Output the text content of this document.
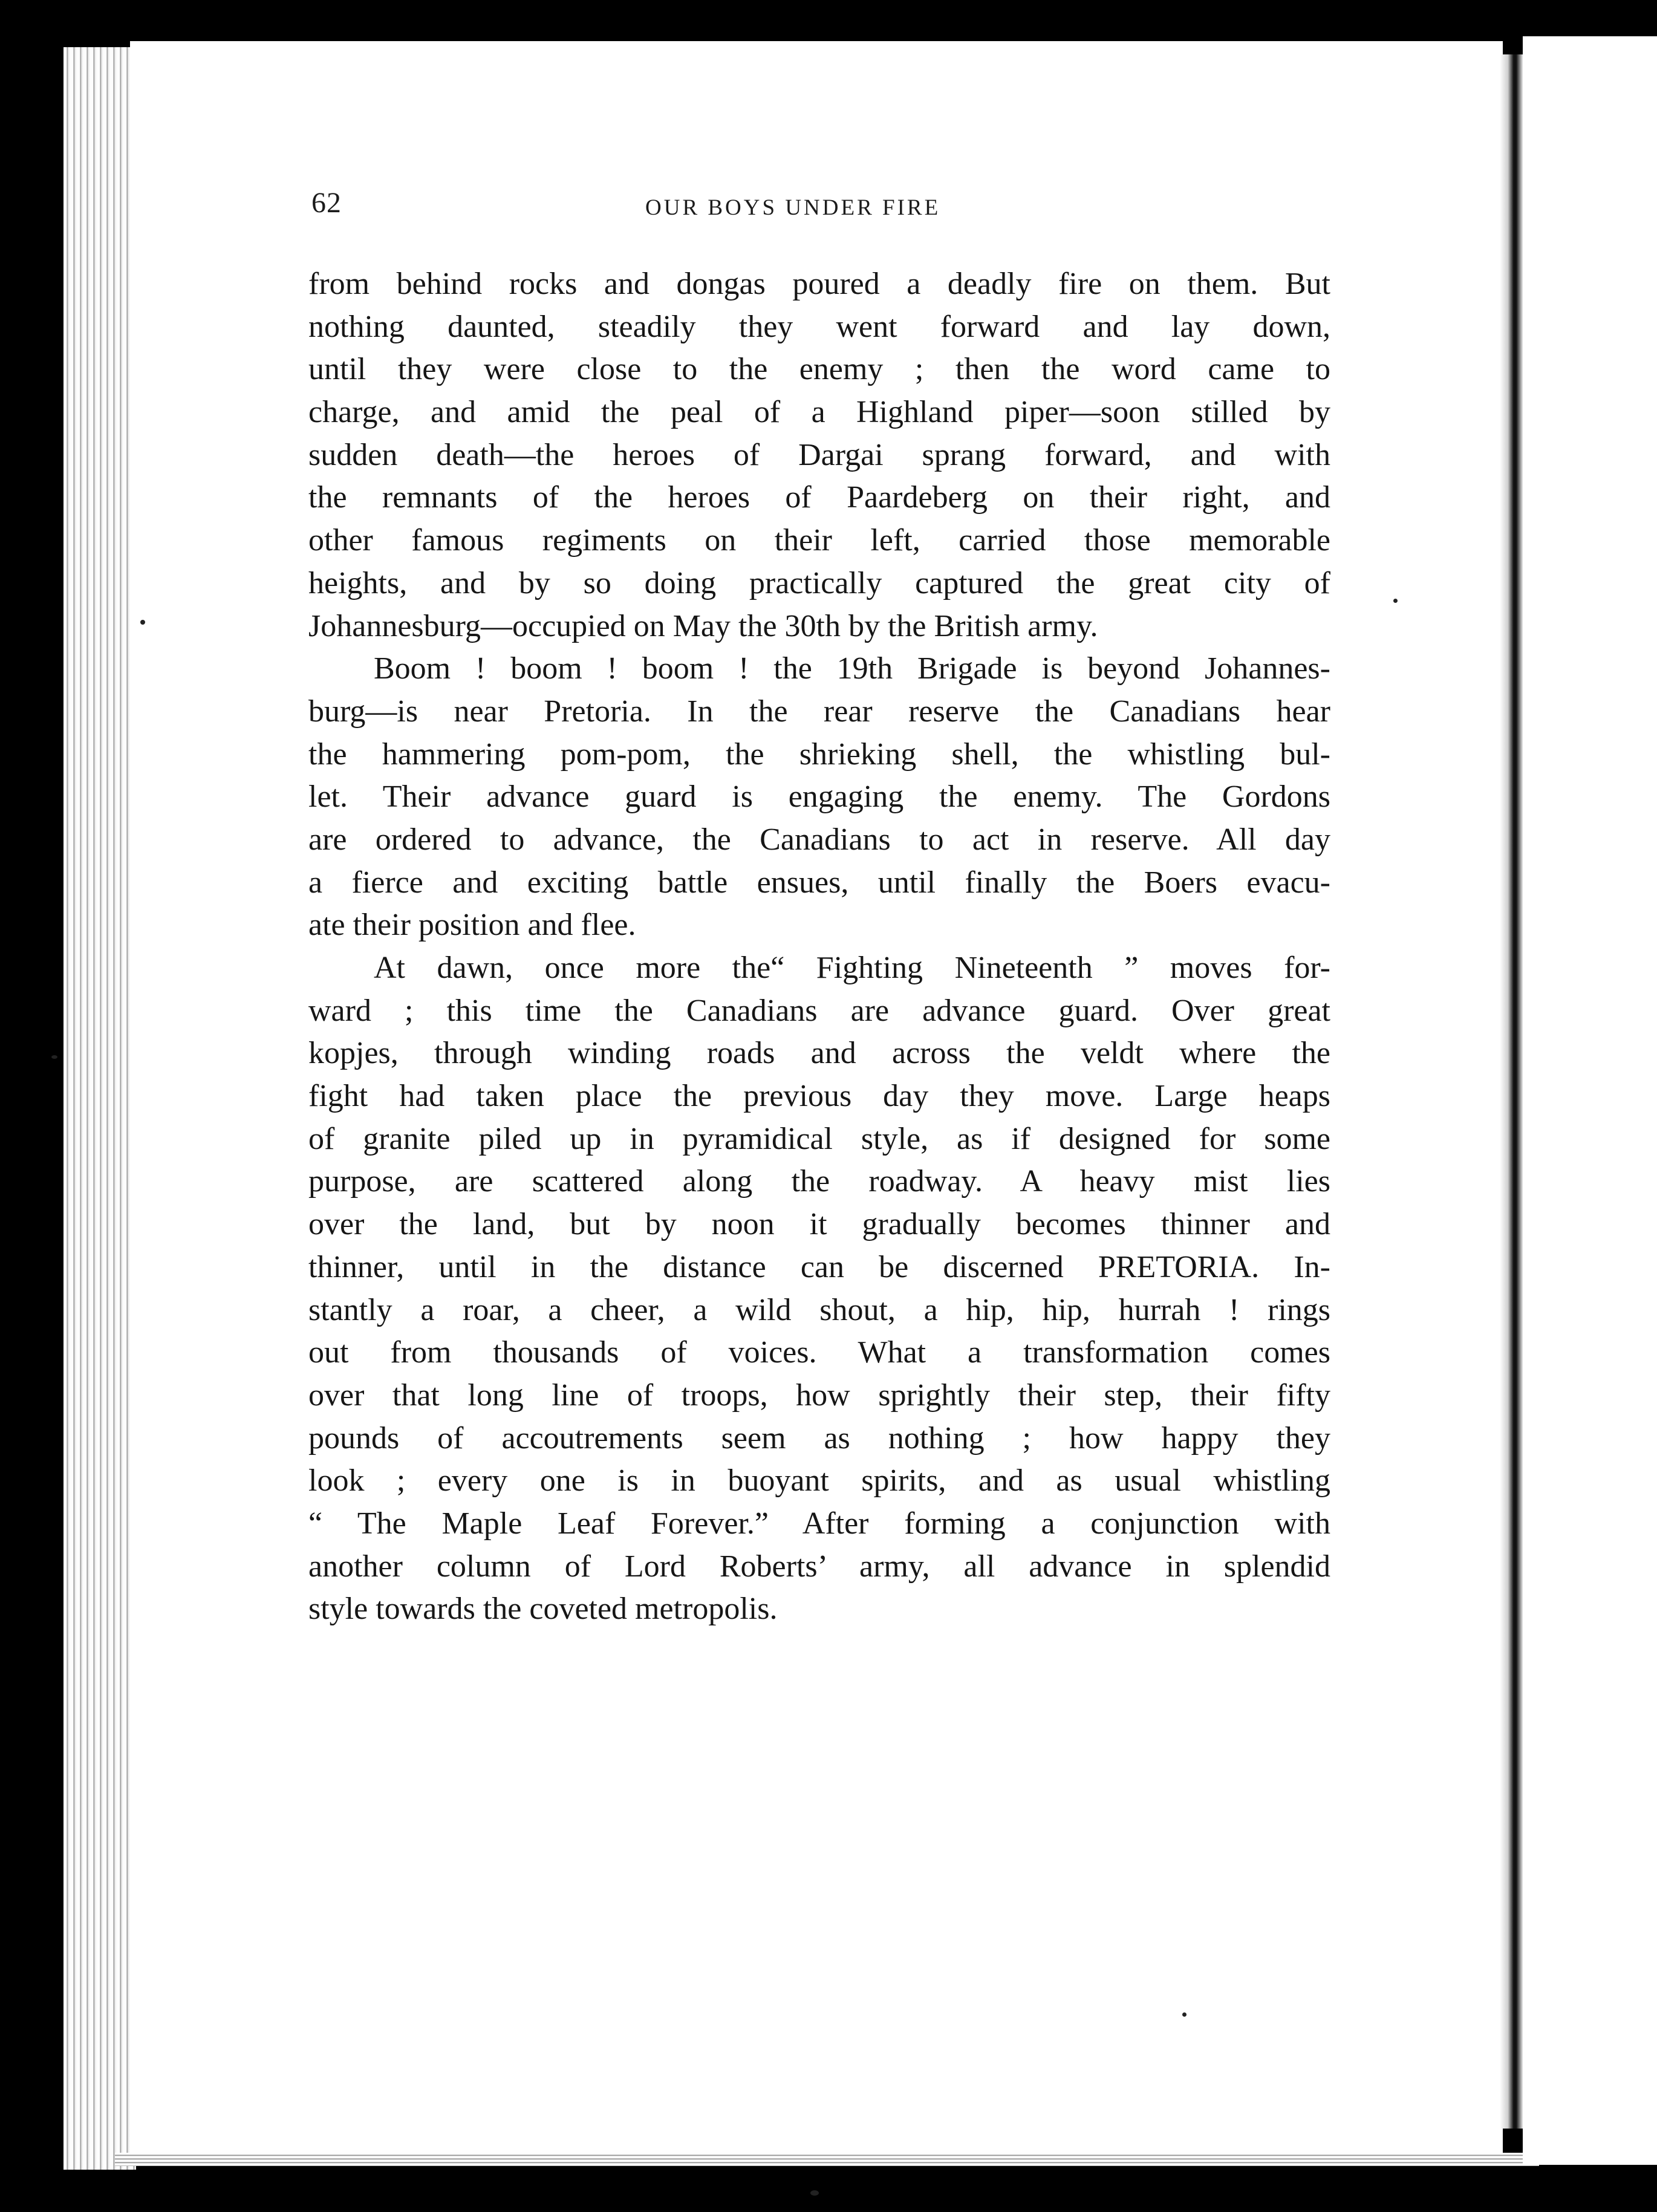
62	OUR BOYS UNDER FIRE
from behind rocks and dongas poured a deadly fire on them. But
nothing daunted, steadily they went forward and lay down,
until they were close to the enemy ; then the word came to
charge, and amid the peal of a Highland piper—soon stilled by
sudden death—the heroes of Dargai sprang forward, and with
the remnants of the heroes of Paardeberg on their right, and
other famous regiments on their left, carried those memorable
heights, and by so doing practically captured the great city of
Johannesburg—occupied on May the 30th by the British army.
Boom ! boom ! boom ! the 19th Brigade is beyond Johannes-
burg—is near Pretoria. In the rear reserve the Canadians hear
the hammering pom-pom, the shrieking shell, the whistling bul-
let. Their advance guard is engaging the enemy. The Gordons
are ordered to advance, the Canadians to act in reserve. All day
a fierce and exciting battle ensues, until finally the Boers evacu-
ate their position and flee.
At dawn, once more the“ Fighting Nineteenth ” moves for-
ward ; this time the Canadians are advance guard. Over great
kopjes, through winding roads and across the veldt where the
fight had taken place the previous day they move. Large heaps
of granite piled up in pyramidical style, as if designed for some
purpose, are scattered along the roadway. A heavy mist lies
over the land, but by noon it gradually becomes thinner and
thinner, until in the distance can be discerned PRETORIA. In-
stantly a roar, a cheer, a wild shout, a hip, hip, hurrah ! rings
out from thousands of voices. What a transformation comes
over that long line of troops, how sprightly their step, their fifty
pounds of accoutrements seem as nothing ; how happy they
look ; every one is in buoyant spirits, and as usual whistling
“ The Maple Leaf Forever.” After forming a conjunction with
another column of Lord Roberts’ army, all advance in splendid
style towards the coveted metropolis.
